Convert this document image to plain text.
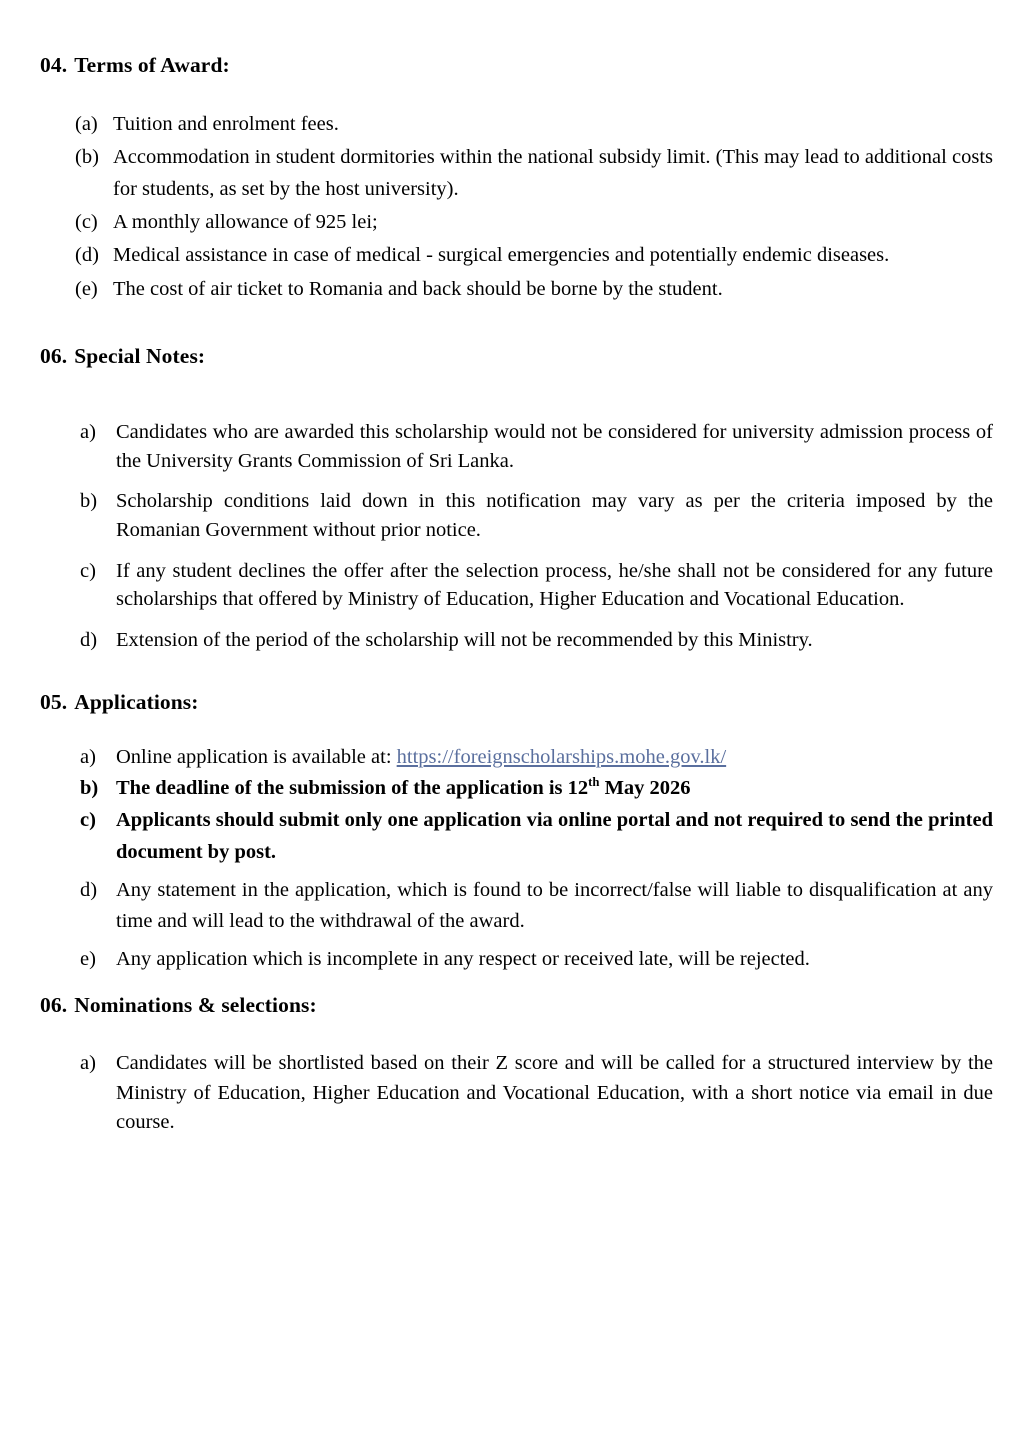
04. Terms of Award:
(a) Tuition and enrolment fees.
(b) Accommodation in student dormitories within the national subsidy limit. (This may lead to additional costs for students, as set by the host university).
(c) A monthly allowance of 925 lei;
(d) Medical assistance in case of medical - surgical emergencies and potentially endemic diseases.
(e) The cost of air ticket to Romania and back should be borne by the student.
06. Special Notes:
a) Candidates who are awarded this scholarship would not be considered for university admission process of the University Grants Commission of Sri Lanka.
b) Scholarship conditions laid down in this notification may vary as per the criteria imposed by the Romanian Government without prior notice.
c) If any student declines the offer after the selection process, he/she shall not be considered for any future scholarships that offered by Ministry of Education, Higher Education and Vocational Education.
d) Extension of the period of the scholarship will not be recommended by this Ministry.
05. Applications:
a) Online application is available at: https://foreignscholarships.mohe.gov.lk/
b) The deadline of the submission of the application is 12th May 2026
c) Applicants should submit only one application via online portal and not required to send the printed document by post.
d) Any statement in the application, which is found to be incorrect/false will liable to disqualification at any time and will lead to the withdrawal of the award.
e) Any application which is incomplete in any respect or received late, will be rejected.
06. Nominations & selections:
a) Candidates will be shortlisted based on their Z score and will be called for a structured interview by the Ministry of Education, Higher Education and Vocational Education, with a short notice via email in due course.
